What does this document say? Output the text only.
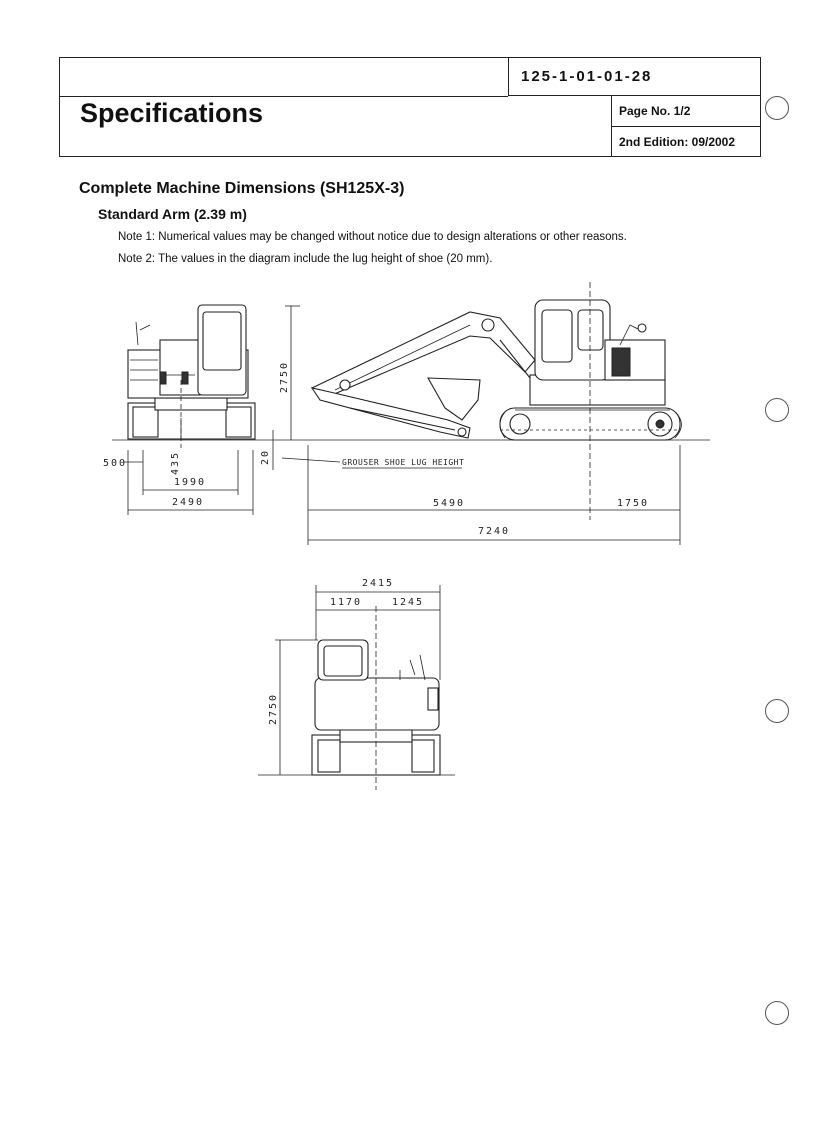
125-1-01-01-28
Specifications	Page No. 1/2
2nd Edition: 09/2002
Complete Machine Dimensions (SH125X-3)
Standard Arm (2.39 m)
Note 1: Numerical values may be changed without notice due to design alterations or other reasons.
Note 2: The values in the diagram include the lug height of shoe (20 mm).
2750
500	435
1990
2490
20	GROUSER SHOE LUG HEIGHT
5490	1750
7240
2415
1170	1245
2750
